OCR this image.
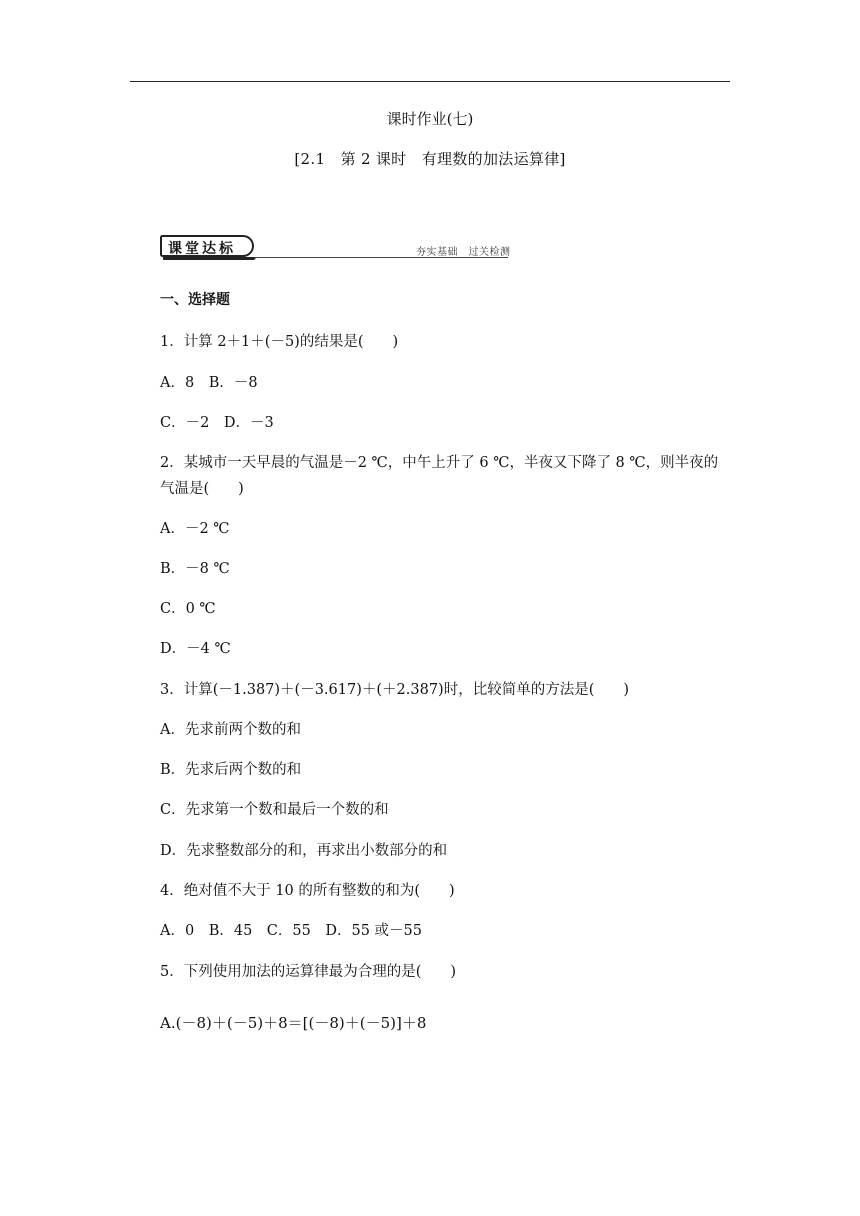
课时作业(七)
[2.1　第 2 课时　有理数的加法运算律]
课堂达标	夯实基础　过关检测
一、选择题
1．计算 2＋1＋(－5)的结果是(　　)
A．8　B．－8
C．－2　D．－3
2．某城市一天早晨的气温是－2 ℃，中午上升了 6 ℃，半夜又下降了 8 ℃，则半夜的
气温是(　　)
A．－2 ℃
B．－8 ℃
C．0 ℃
D．－4 ℃
3．计算(－1.387)＋(－3.617)＋(＋2.387)时，比较简单的方法是(　　)
A．先求前两个数的和
B．先求后两个数的和
C．先求第一个数和最后一个数的和
D．先求整数部分的和，再求出小数部分的和
4．绝对值不大于 10 的所有整数的和为(　　)
A．0　B．45　C．55　D．55 或－55
5．下列使用加法的运算律最为合理的是(　　)
A.(－8)＋(－5)＋8＝[(－8)＋(－5)]＋8
